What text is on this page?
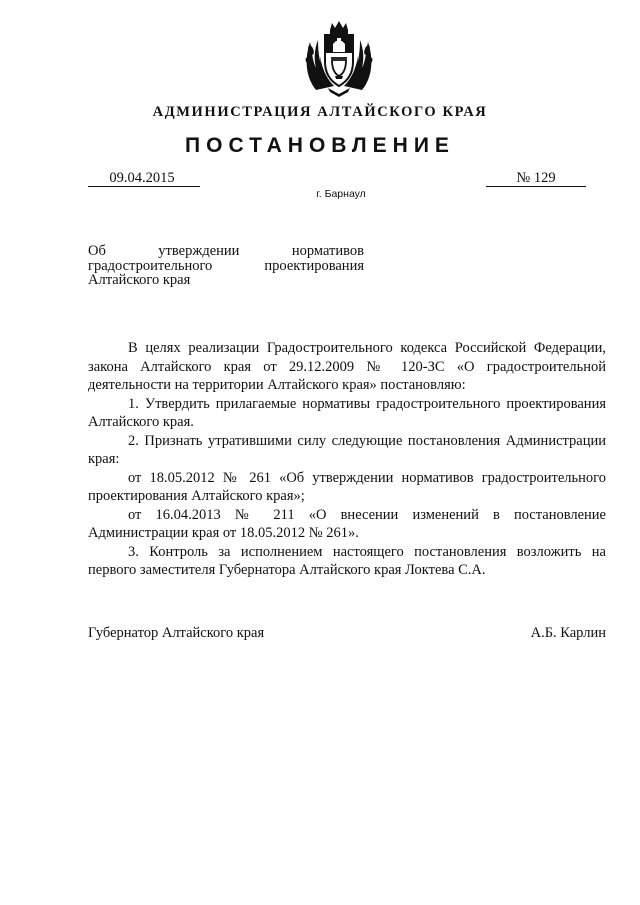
АДМИНИСТРАЦИЯ АЛТАЙСКОГО КРАЯ
ПОСТАНОВЛЕНИЕ
09.04.2015	№ 129
г. Барнаул
Об утверждении нормативов градостроительного проектирования Алтайского края

В целях реализации Градостроительного кодекса Российской Федерации, закона Алтайского края от 29.12.2009 № 120-ЗС «О градостроительной деятельности на территории Алтайского края» постановляю:

1. Утвердить прилагаемые нормативы градостроительного проектирования Алтайского края.

2. Признать утратившими силу следующие постановления Администрации края:

от 18.05.2012 № 261 «Об утверждении нормативов градостроительного проектирования Алтайского края»;

от 16.04.2013 № 211 «О внесении изменений в постановление Администрации края от 18.05.2012 № 261».

3. Контроль за исполнением настоящего постановления возложить на первого заместителя Губернатора Алтайского края Локтева С.А.

Губернатор Алтайского края	А.Б. Карлин
